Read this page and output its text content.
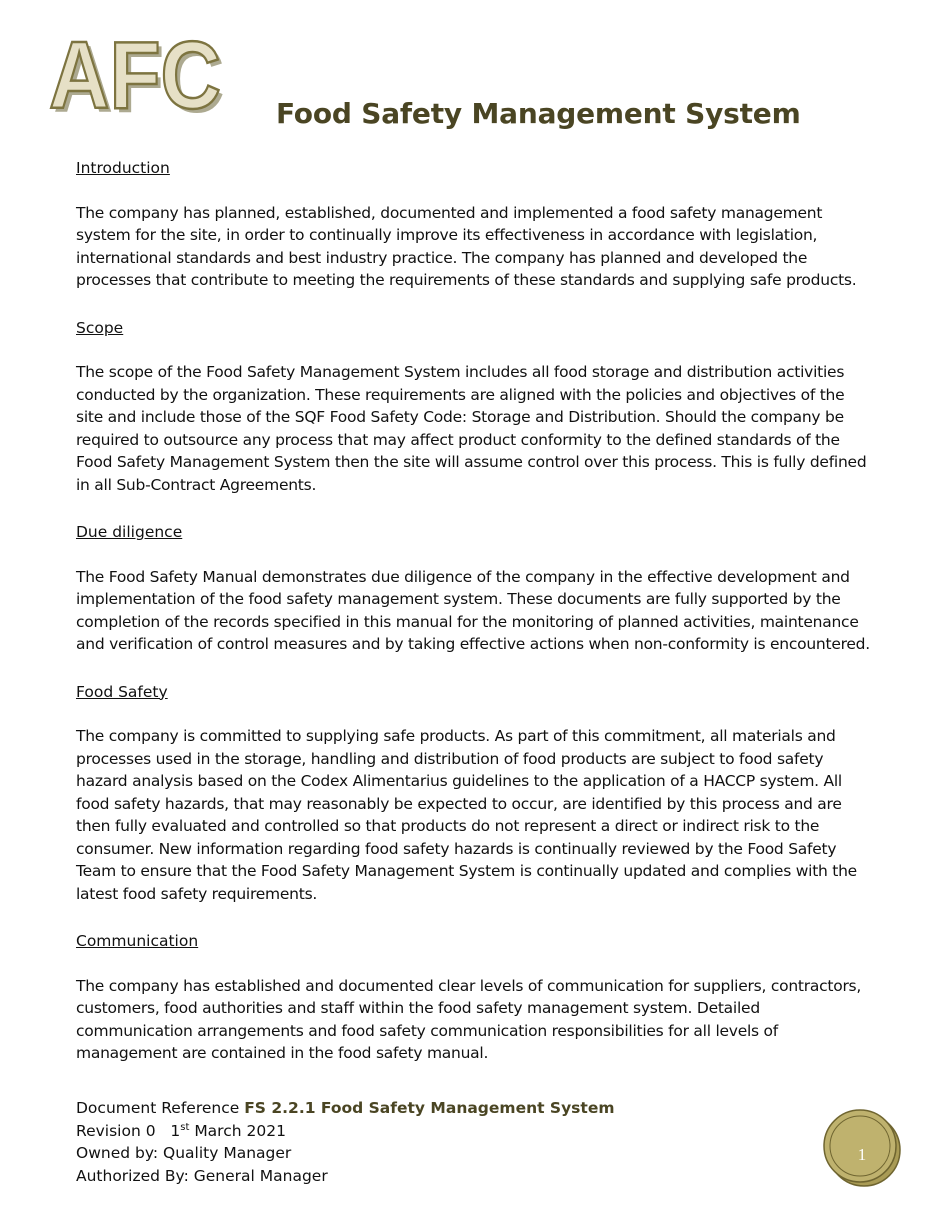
AFC
AFC Food Safety Management System
Introduction

The company has planned, established, documented and implemented a food safety management system for the site, in order to continually improve its effectiveness in accordance with legislation, international standards and best industry practice. The company has planned and developed the processes that contribute to meeting the requirements of these standards and supplying safe products.

Scope

The scope of the Food Safety Management System includes all food storage and distribution activities conducted by the organization. These requirements are aligned with the policies and objectives of the site and include those of the SQF Food Safety Code: Storage and Distribution. Should the company be required to outsource any process that may affect product conformity to the defined standards of the Food Safety Management System then the site will assume control over this process. This is fully defined in all Sub-Contract Agreements.

Due diligence

The Food Safety Manual demonstrates due diligence of the company in the effective development and implementation of the food safety management system. These documents are fully supported by the completion of the records specified in this manual for the monitoring of planned activities, maintenance and verification of control measures and by taking effective actions when non-conformity is encountered.

Food Safety

The company is committed to supplying safe products. As part of this commitment, all materials and processes used in the storage, handling and distribution of food products are subject to food safety hazard analysis based on the Codex Alimentarius guidelines to the application of a HACCP system. All food safety hazards, that may reasonably be expected to occur, are identified by this process and are then fully evaluated and controlled so that products do not represent a direct or indirect risk to the consumer. New information regarding food safety hazards is continually reviewed by the Food Safety Team to ensure that the Food Safety Management System is continually updated and complies with the latest food safety requirements.

Communication

The company has established and documented clear levels of communication for suppliers, contractors, customers, food authorities and staff within the food safety management system. Detailed communication arrangements and food safety communication responsibilities for all levels of management are contained in the food safety manual.

Document Reference FS 2.2.1 Food Safety Management System
Revision 0 1st March 2021
Owned by: Quality Manager
Authorized By: General Manager
1
